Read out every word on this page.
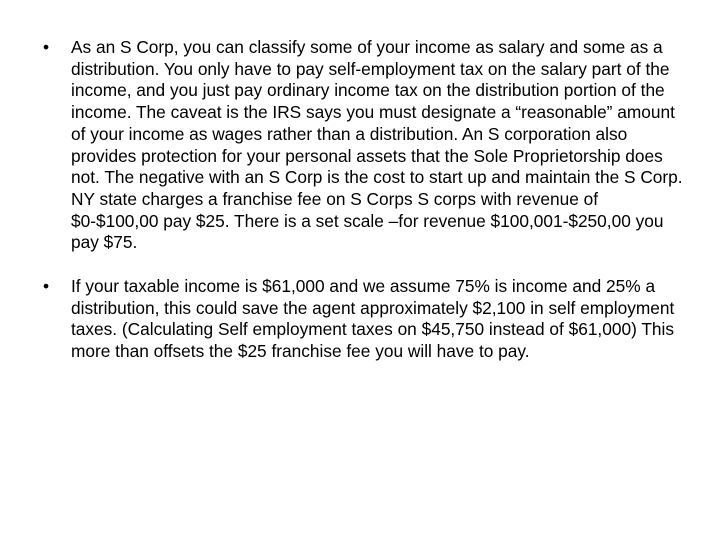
•	As an S Corp, you can classify some of your income as salary and some as a distribution. You only have to pay self-employment tax on the salary part of the income, and you just pay ordinary income tax on the distribution portion of the income. The caveat is the IRS says you must designate a “reasonable” amount of your income as wages rather than a distribution. An S corporation also provides protection for your personal assets that the Sole Proprietorship does not. The negative with an S Corp is the cost to start up and maintain the S Corp. NY state charges a franchise fee on S Corps S corps with revenue of $0-$100,00 pay $25. There is a set scale –for revenue $100,001-$250,00 you pay $75.
•	If your taxable income is $61,000 and we assume 75% is income and 25% a distribution, this could save the agent approximately $2,100 in self employment taxes. (Calculating Self employment taxes on $45,750 instead of $61,000) This more than offsets the $25 franchise fee you will have to pay.
